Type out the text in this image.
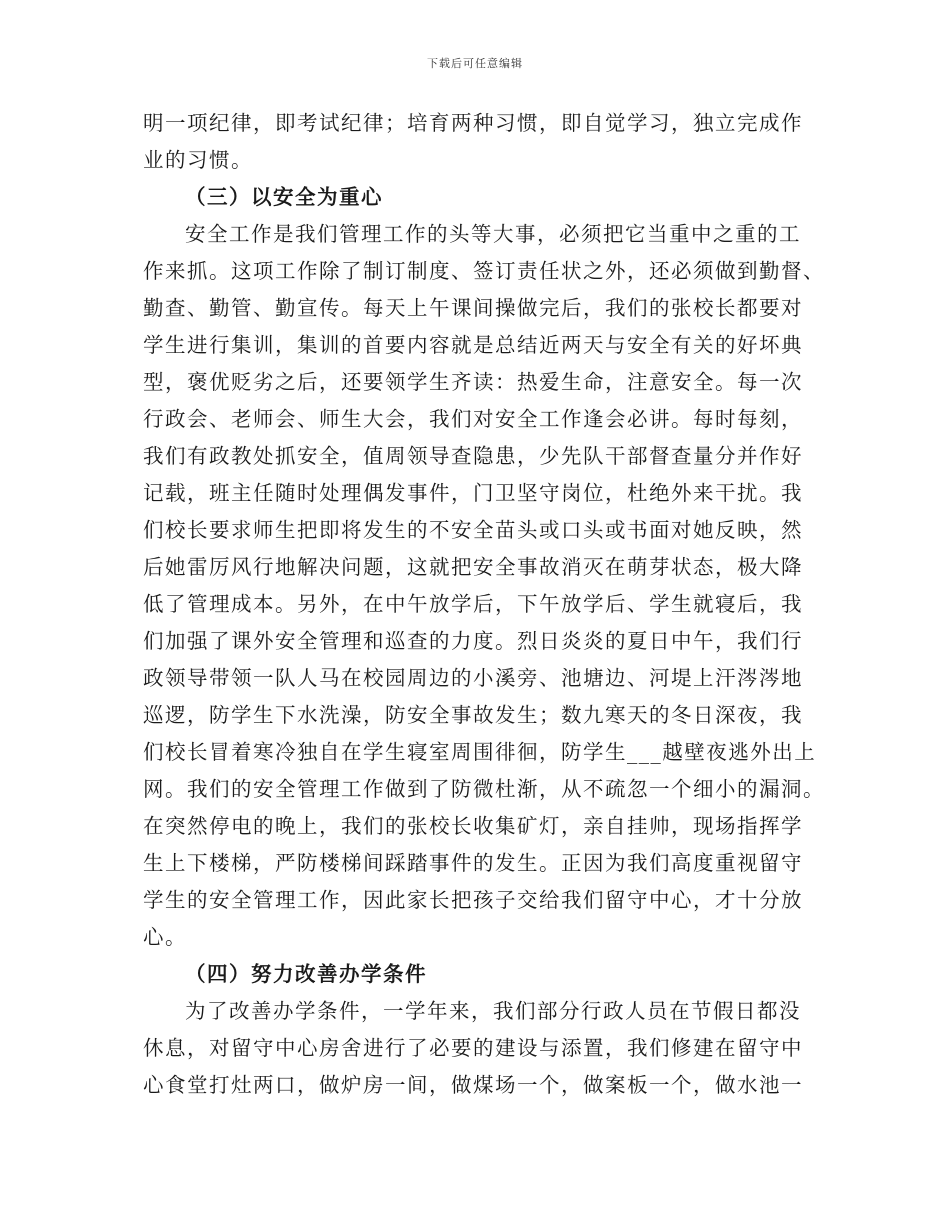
下载后可任意编辑

明一项纪律，即考试纪律；培育两种习惯，即自觉学习，独立完成作
业的习惯。

（三）以安全为重心

安全工作是我们管理工作的头等大事，必须把它当重中之重的工
作来抓。这项工作除了制订制度、签订责任状之外，还必须做到勤督、
勤查、勤管、勤宣传。每天上午课间操做完后，我们的张校长都要对
学生进行集训，集训的首要内容就是总结近两天与安全有关的好坏典
型，褒优贬劣之后，还要领学生齐读：热爱生命，注意安全。每一次
行政会、老师会、师生大会，我们对安全工作逢会必讲。每时每刻，
我们有政教处抓安全，值周领导查隐患，少先队干部督查量分并作好
记载，班主任随时处理偶发事件，门卫坚守岗位，杜绝外来干扰。我
们校长要求师生把即将发生的不安全苗头或口头或书面对她反映，然
后她雷厉风行地解决问题，这就把安全事故消灭在萌芽状态，极大降
低了管理成本。另外，在中午放学后，下午放学后、学生就寝后，我
们加强了课外安全管理和巡查的力度。烈日炎炎的夏日中午，我们行
政领导带领一队人马在校园周边的小溪旁、池塘边、河堤上汗涔涔地
巡逻，防学生下水洗澡，防安全事故发生；数九寒天的冬日深夜，我
们校长冒着寒冷独自在学生寝室周围徘徊，防学生___越壁夜逃外出上
网。我们的安全管理工作做到了防微杜渐，从不疏忽一个细小的漏洞。
在突然停电的晚上，我们的张校长收集矿灯，亲自挂帅，现场指挥学
生上下楼梯，严防楼梯间踩踏事件的发生。正因为我们高度重视留守
学生的安全管理工作，因此家长把孩子交给我们留守中心，才十分放
心。

（四）努力改善办学条件

为了改善办学条件，一学年来，我们部分行政人员在节假日都没
休息，对留守中心房舍进行了必要的建设与添置，我们修建在留守中
心食堂打灶两口，做炉房一间，做煤场一个，做案板一个，做水池一
